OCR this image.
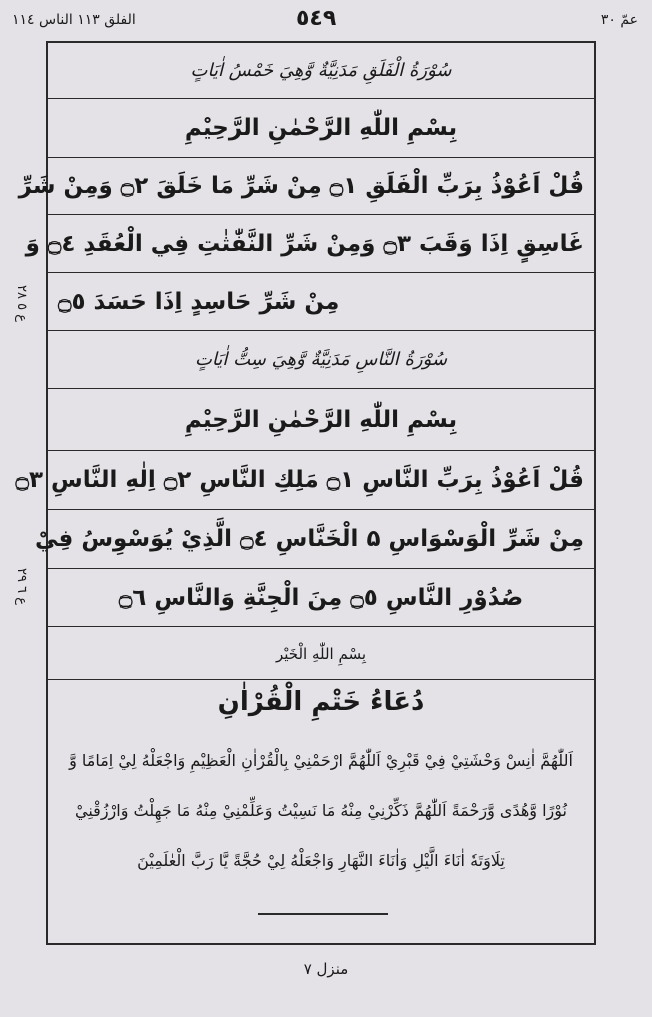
الفلق ١١٣ الناس ١١٤	٥٤٩	عمّ ٣٠
ع ٥ ٢٨
ع ٦ ٢٩
سُوْرَةُ الْفَلَقِ مَدَنِيَّةٌ وَّهِيَ خَمْسُ اٰيَاتٍ
بِسْمِ اللّٰهِ الرَّحْمٰنِ الرَّحِيْمِ
قُلْ اَعُوْذُ بِرَبِّ الْفَلَقِ ۝١ مِنْ شَرِّ مَا خَلَقَ ۝٢ وَمِنْ شَرِّ
غَاسِقٍ اِذَا وَقَبَ ۝٣ وَمِنْ شَرِّ النَّفّٰثٰتِ فِي الْعُقَدِ ۝٤ وَ
مِنْ شَرِّ حَاسِدٍ اِذَا حَسَدَ ۝٥
سُوْرَةُ النَّاسِ مَدَنِيَّةٌ وَّهِيَ سِتُّ اٰيَاتٍ
بِسْمِ اللّٰهِ الرَّحْمٰنِ الرَّحِيْمِ
قُلْ اَعُوْذُ بِرَبِّ النَّاسِ ۝١ مَلِكِ النَّاسِ ۝٢ اِلٰهِ النَّاسِ ۝٣
مِنْ شَرِّ الْوَسْوَاسِ ۵ الْخَنَّاسِ ۝٤ الَّذِيْ يُوَسْوِسُ فِيْ
صُدُوْرِ النَّاسِ ۝٥ مِنَ الْجِنَّةِ وَالنَّاسِ ۝٦
بِسْمِ اللّٰهِ الْخَيْر
دُعَاءُ خَتْمِ الْقُرْاٰنِ
اَللّٰهُمَّ اٰنِسْ وَحْشَتِيْ فِيْ قَبْرِيْ اَللّٰهُمَّ ارْحَمْنِيْ بِالْقُرْاٰنِ الْعَظِيْمِ وَاجْعَلْهُ لِيْ اِمَامًا وَّ
نُوْرًا وَّهُدًى وَّرَحْمَةً اَللّٰهُمَّ ذَكِّرْنِيْ مِنْهُ مَا نَسِيْتُ وَعَلِّمْنِيْ مِنْهُ مَا جَهِلْتُ وَارْزُقْنِيْ
تِلَاوَتَهٗ اٰنَاءَ الَّيْلِ وَاٰنَاءَ النَّهَارِ وَاجْعَلْهُ لِيْ حُجَّةً يَّا رَبَّ الْعٰلَمِيْنَ
منزل ٧
